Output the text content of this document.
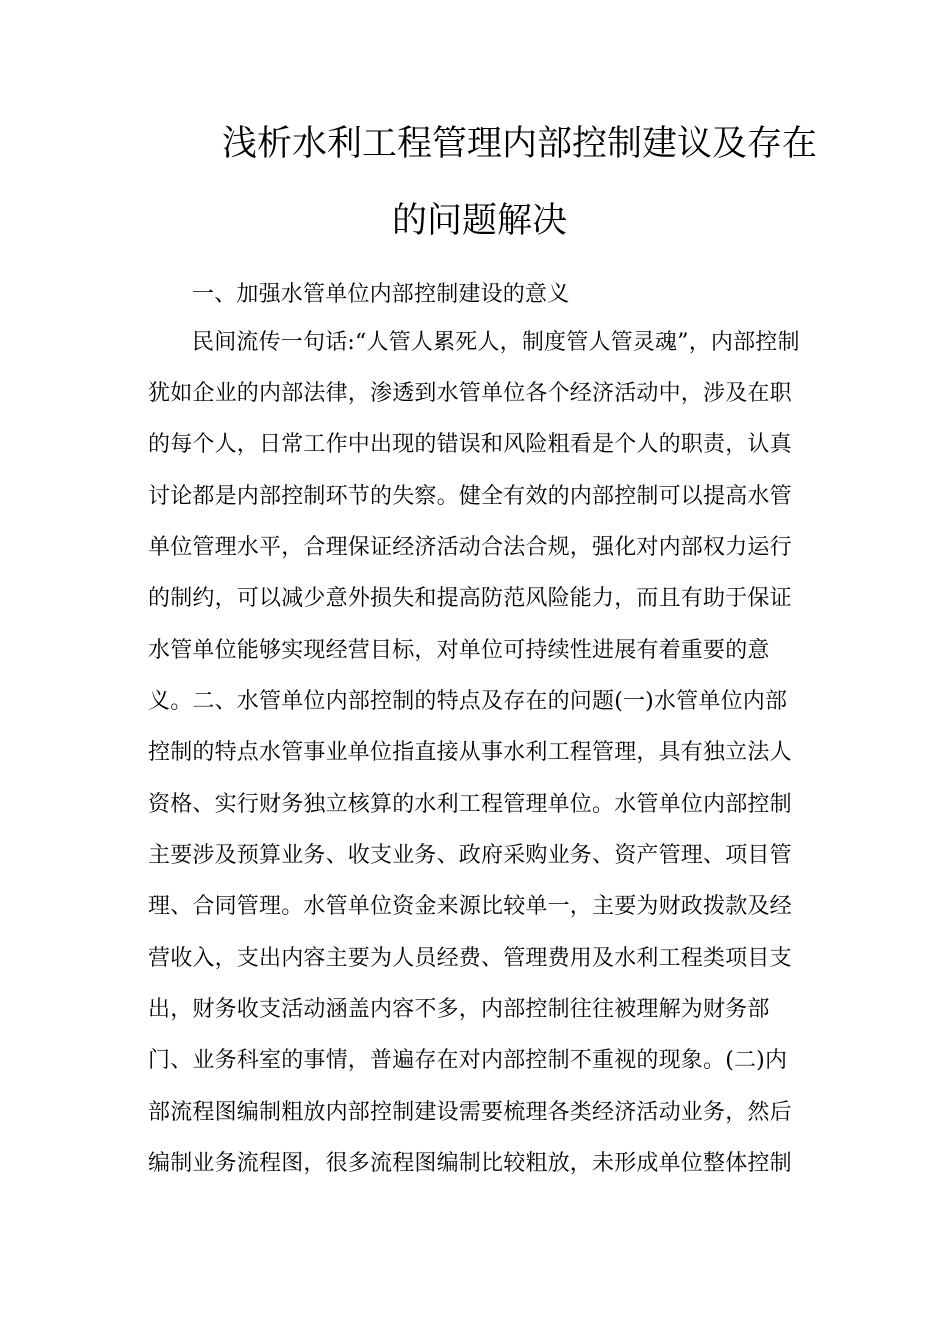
浅析水利工程管理内部控制建议及存在
的问题解决
一、加强水管单位内部控制建设的意义
民间流传一句话:“人管人累死人，制度管人管灵魂”，内部控制
犹如企业的内部法律，渗透到水管单位各个经济活动中，涉及在职
的每个人，日常工作中出现的错误和风险粗看是个人的职责，认真
讨论都是内部控制环节的失察。健全有效的内部控制可以提高水管
单位管理水平，合理保证经济活动合法合规，强化对内部权力运行
的制约，可以减少意外损失和提高防范风险能力，而且有助于保证
水管单位能够实现经营目标，对单位可持续性进展有着重要的意
义。二、水管单位内部控制的特点及存在的问题(一)水管单位内部
控制的特点水管事业单位指直接从事水利工程管理，具有独立法人
资格、实行财务独立核算的水利工程管理单位。水管单位内部控制
主要涉及预算业务、收支业务、政府采购业务、资产管理、项目管
理、合同管理。水管单位资金来源比较单一，主要为财政拨款及经
营收入，支出内容主要为人员经费、管理费用及水利工程类项目支
出，财务收支活动涵盖内容不多，内部控制往往被理解为财务部
门、业务科室的事情，普遍存在对内部控制不重视的现象。(二)内
部流程图编制粗放内部控制建设需要梳理各类经济活动业务，然后
编制业务流程图，很多流程图编制比较粗放，未形成单位整体控制
